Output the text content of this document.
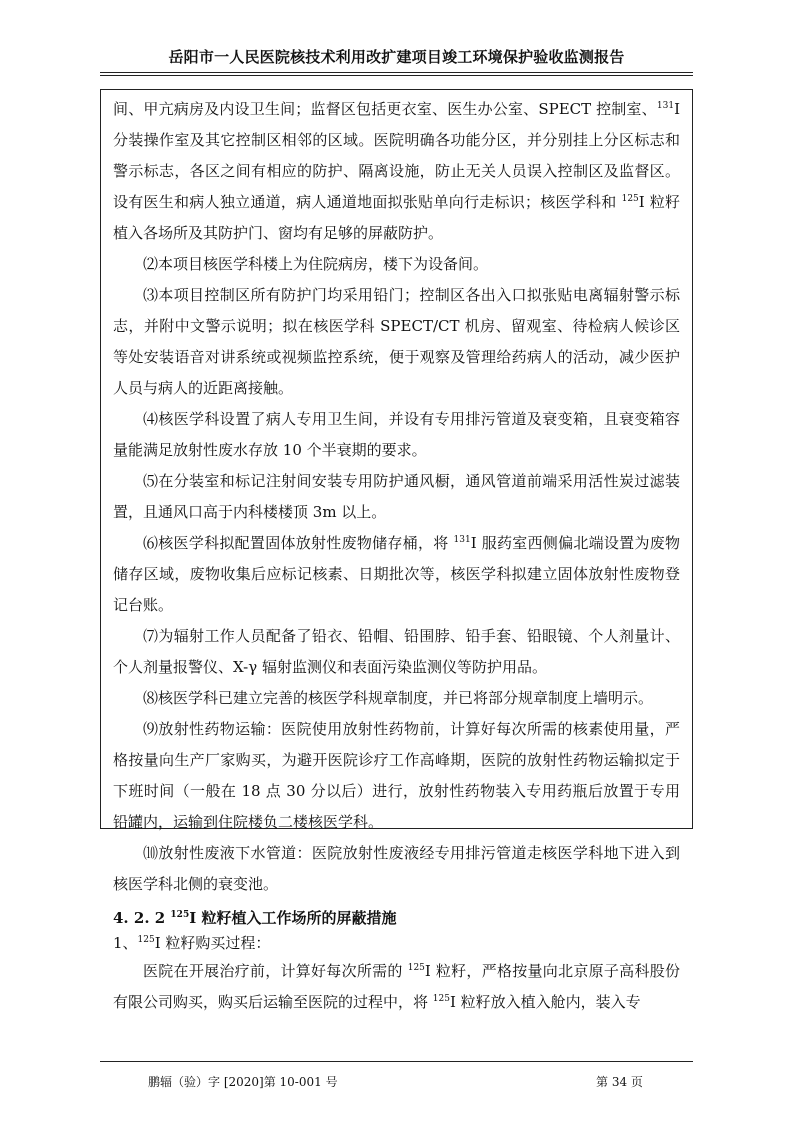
岳阳市一人民医院核技术利用改扩建项目竣工环境保护验收监测报告

间、甲亢病房及内设卫生间；监督区包括更衣室、医生办公室、SPECT 控制室、$^{131}$I 分装操作室及其它控制区相邻的区域。医院明确各功能分区，并分别挂上分区标志和警示标志，各区之间有相应的防护、隔离设施，防止无关人员误入控制区及监督区。设有医生和病人独立通道，病人通道地面拟张贴单向行走标识；核医学科和 $^{125}$I 粒籽植入各场所及其防护门、窗均有足够的屏蔽防护。

⑵本项目核医学科楼上为住院病房，楼下为设备间。

⑶本项目控制区所有防护门均采用铅门；控制区各出入口拟张贴电离辐射警示标志，并附中文警示说明；拟在核医学科 SPECT/CT 机房、留观室、待检病人候诊区等处安装语音对讲系统或视频监控系统，便于观察及管理给药病人的活动，减少医护人员与病人的近距离接触。

⑷核医学科设置了病人专用卫生间，并设有专用排污管道及衰变箱，且衰变箱容量能满足放射性废水存放 10 个半衰期的要求。

⑸在分装室和标记注射间安装专用防护通风橱，通风管道前端采用活性炭过滤装置，且通风口高于内科楼楼顶 3m 以上。

⑹核医学科拟配置固体放射性废物储存桶，将 $^{131}$I 服药室西侧偏北端设置为废物储存区域，废物收集后应标记核素、日期批次等，核医学科拟建立固体放射性废物登记台账。

⑺为辐射工作人员配备了铅衣、铅帽、铅围脖、铅手套、铅眼镜、个人剂量计、个人剂量报警仪、X-γ 辐射监测仪和表面污染监测仪等防护用品。

⑻核医学科已建立完善的核医学科规章制度，并已将部分规章制度上墙明示。

⑼放射性药物运输：医院使用放射性药物前，计算好每次所需的核素使用量，严格按量向生产厂家购买，为避开医院诊疗工作高峰期，医院的放射性药物运输拟定于下班时间（一般在 18 点 30 分以后）进行，放射性药物装入专用药瓶后放置于专用铅罐内，运输到住院楼负二楼核医学科。

⑽放射性废液下水管道：医院放射性废液经专用排污管道走核医学科地下进入到核医学科北侧的衰变池。

4. 2. 2 $^{125}$I 粒籽植入工作场所的屏蔽措施

1、$^{125}$I 粒籽购买过程：

医院在开展治疗前，计算好每次所需的 $^{125}$I 粒籽，严格按量向北京原子高科股份有限公司购买，购买后运输至医院的过程中，将 $^{125}$I 粒籽放入植入舱内，装入专

鹏辐（验）字 [2020]第 10-001 号	第 34 页
